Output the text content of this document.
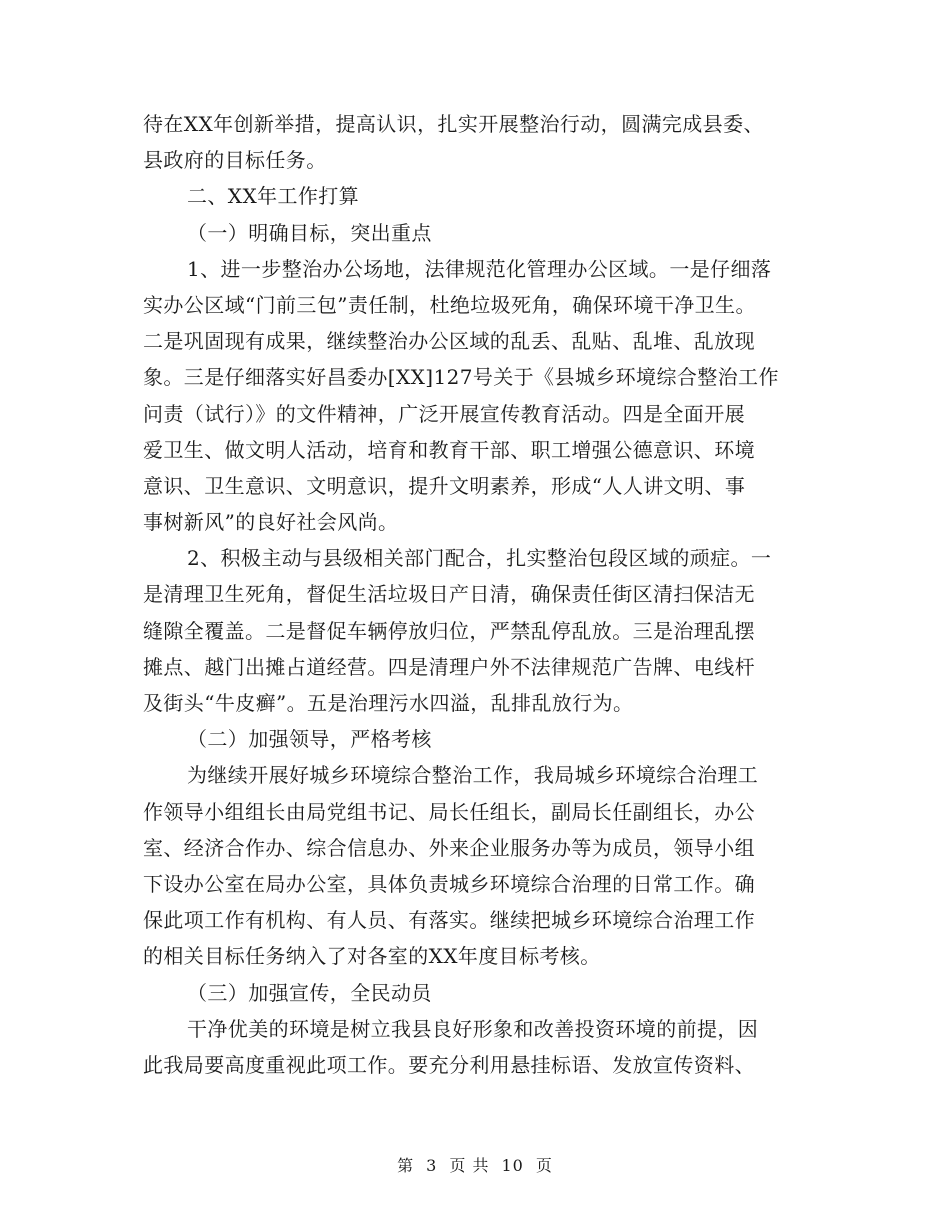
待在XX年创新举措，提高认识，扎实开展整治行动，圆满完成县委、
县政府的目标任务。
二、XX年工作打算
（一）明确目标，突出重点
1、进一步整治办公场地，法律规范化管理办公区域。一是仔细落
实办公区域“门前三包”责任制，杜绝垃圾死角，确保环境干净卫生。
二是巩固现有成果，继续整治办公区域的乱丢、乱贴、乱堆、乱放现
象。三是仔细落实好昌委办[XX]127号关于《县城乡环境综合整治工作
问责（试行）》的文件精神，广泛开展宣传教育活动。四是全面开展
爱卫生、做文明人活动，培育和教育干部、职工增强公德意识、环境
意识、卫生意识、文明意识，提升文明素养，形成“人人讲文明、事
事树新风”的良好社会风尚。
2、积极主动与县级相关部门配合，扎实整治包段区域的顽症。一
是清理卫生死角，督促生活垃圾日产日清，确保责任街区清扫保洁无
缝隙全覆盖。二是督促车辆停放归位，严禁乱停乱放。三是治理乱摆
摊点、越门出摊占道经营。四是清理户外不法律规范广告牌、电线杆
及街头“牛皮癣”。五是治理污水四溢，乱排乱放行为。
（二）加强领导，严格考核
为继续开展好城乡环境综合整治工作，我局城乡环境综合治理工
作领导小组组长由局党组书记、局长任组长，副局长任副组长，办公
室、经济合作办、综合信息办、外来企业服务办等为成员，领导小组
下设办公室在局办公室，具体负责城乡环境综合治理的日常工作。确
保此项工作有机构、有人员、有落实。继续把城乡环境综合治理工作
的相关目标任务纳入了对各室的XX年度目标考核。
（三）加强宣传，全民动员
干净优美的环境是树立我县良好形象和改善投资环境的前提，因
此我局要高度重视此项工作。要充分利用悬挂标语、发放宣传资料、
第 3 页 共 10 页
